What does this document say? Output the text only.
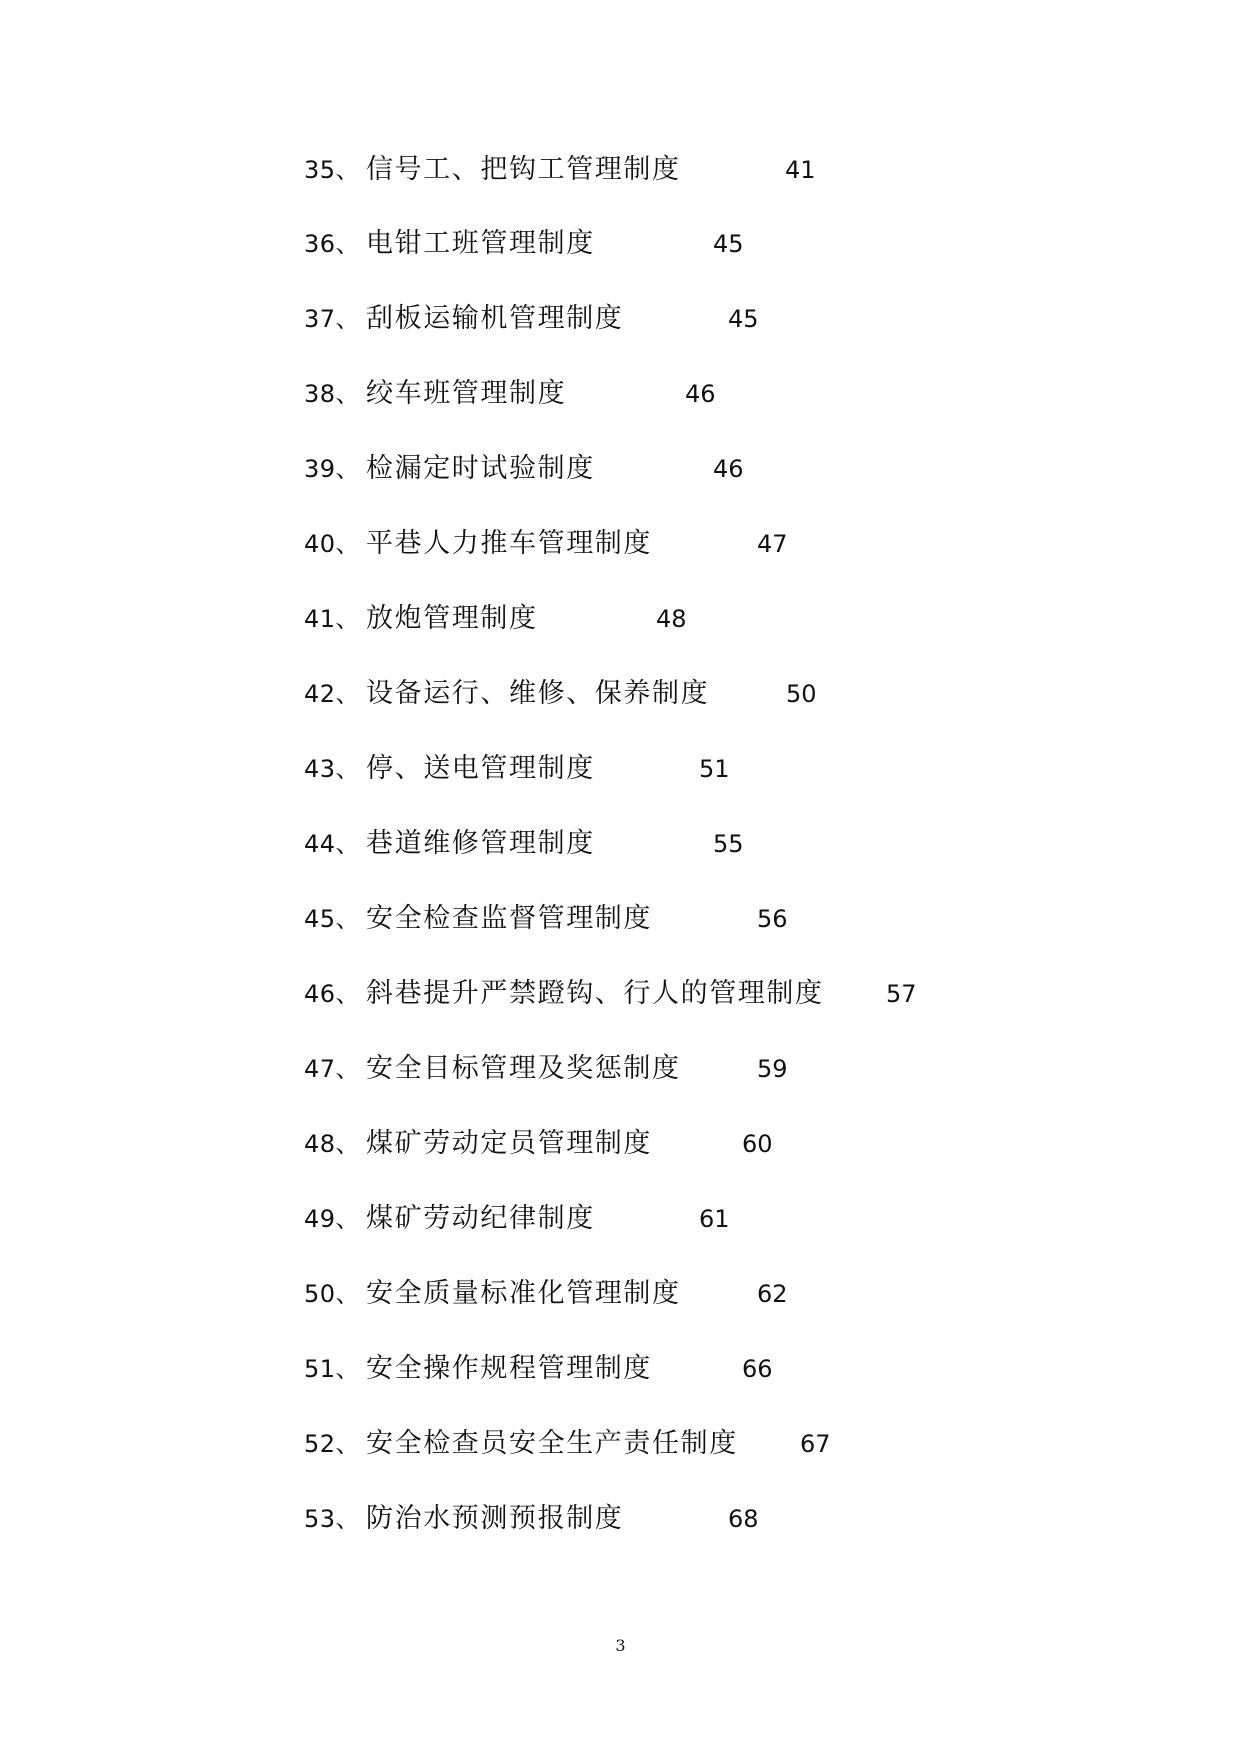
35、 信号工、把钩工管理制度	41
36、 电钳工班管理制度	45
37、 刮板运输机管理制度	45
38、 绞车班管理制度	46
39、 检漏定时试验制度	46
40、 平巷人力推车管理制度	47
41、 放炮管理制度	48
42、 设备运行、维修、保养制度	50
43、 停、送电管理制度	51
44、 巷道维修管理制度	55
45、 安全检查监督管理制度	56
46、 斜巷提升严禁蹬钩、行人的管理制度	57
47、 安全目标管理及奖惩制度	59
48、 煤矿劳动定员管理制度	60
49、 煤矿劳动纪律制度	61
50、 安全质量标准化管理制度	62
51、 安全操作规程管理制度	66
52、 安全检查员安全生产责任制度	67
53、 防治水预测预报制度	68
3
